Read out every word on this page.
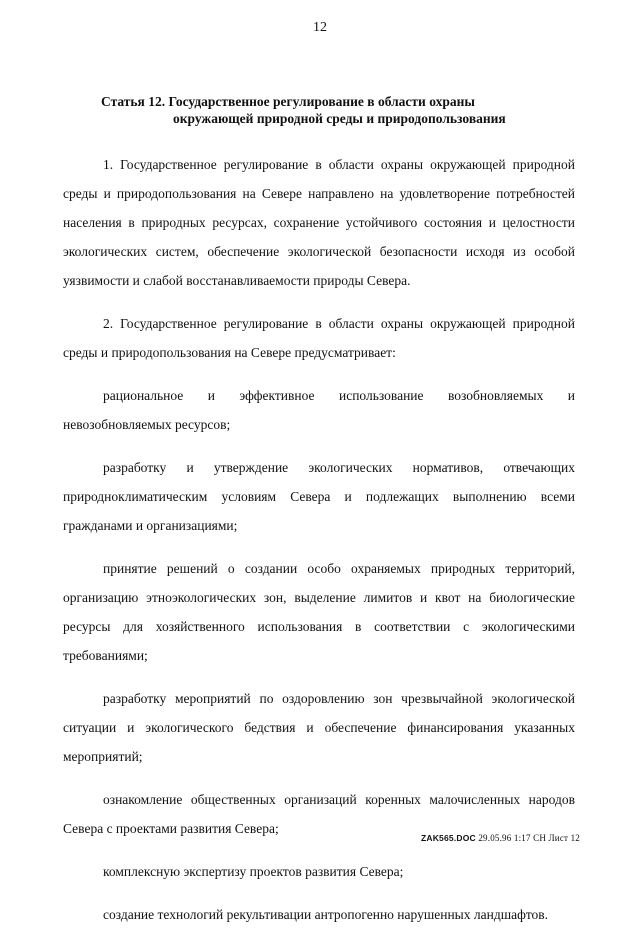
12
Статья 12. Государственное регулирование в области охраны
окружающей природной среды и природопользования

1. Государственное регулирование в области охраны окружающей природной среды и природопользования на Севере направлено на удовлетворение потребностей населения в природных ресурсах, сохранение устойчивого состояния и целостности экологических систем, обеспечение экологической безопасности исходя из особой уязвимости и слабой восстанавливаемости природы Севера.

2. Государственное регулирование в области охраны окружающей природной среды и природопользования на Севере предусматривает:

рациональное и эффективное использование возобновляемых и невозобновляемых ресурсов;

разработку и утверждение экологических нормативов, отвечающих природноклиматическим условиям Севера и подлежащих выполнению всеми гражданами и организациями;

принятие решений о создании особо охраняемых природных территорий, организацию этноэкологических зон, выделение лимитов и квот на биологические ресурсы для хозяйственного использования в соответствии с экологическими требованиями;

разработку мероприятий по оздоровлению зон чрезвычайной экологической ситуации и экологического бедствия и обеспечение финансирования указанных мероприятий;

ознакомление общественных организаций коренных малочисленных народов Севера с проектами развития Севера;

комплексную экспертизу проектов развития Севера;

создание технологий рекультивации антропогенно нарушенных ландшафтов.

ZAK565.DOC 29.05.96 1:17 CH Лист 12
